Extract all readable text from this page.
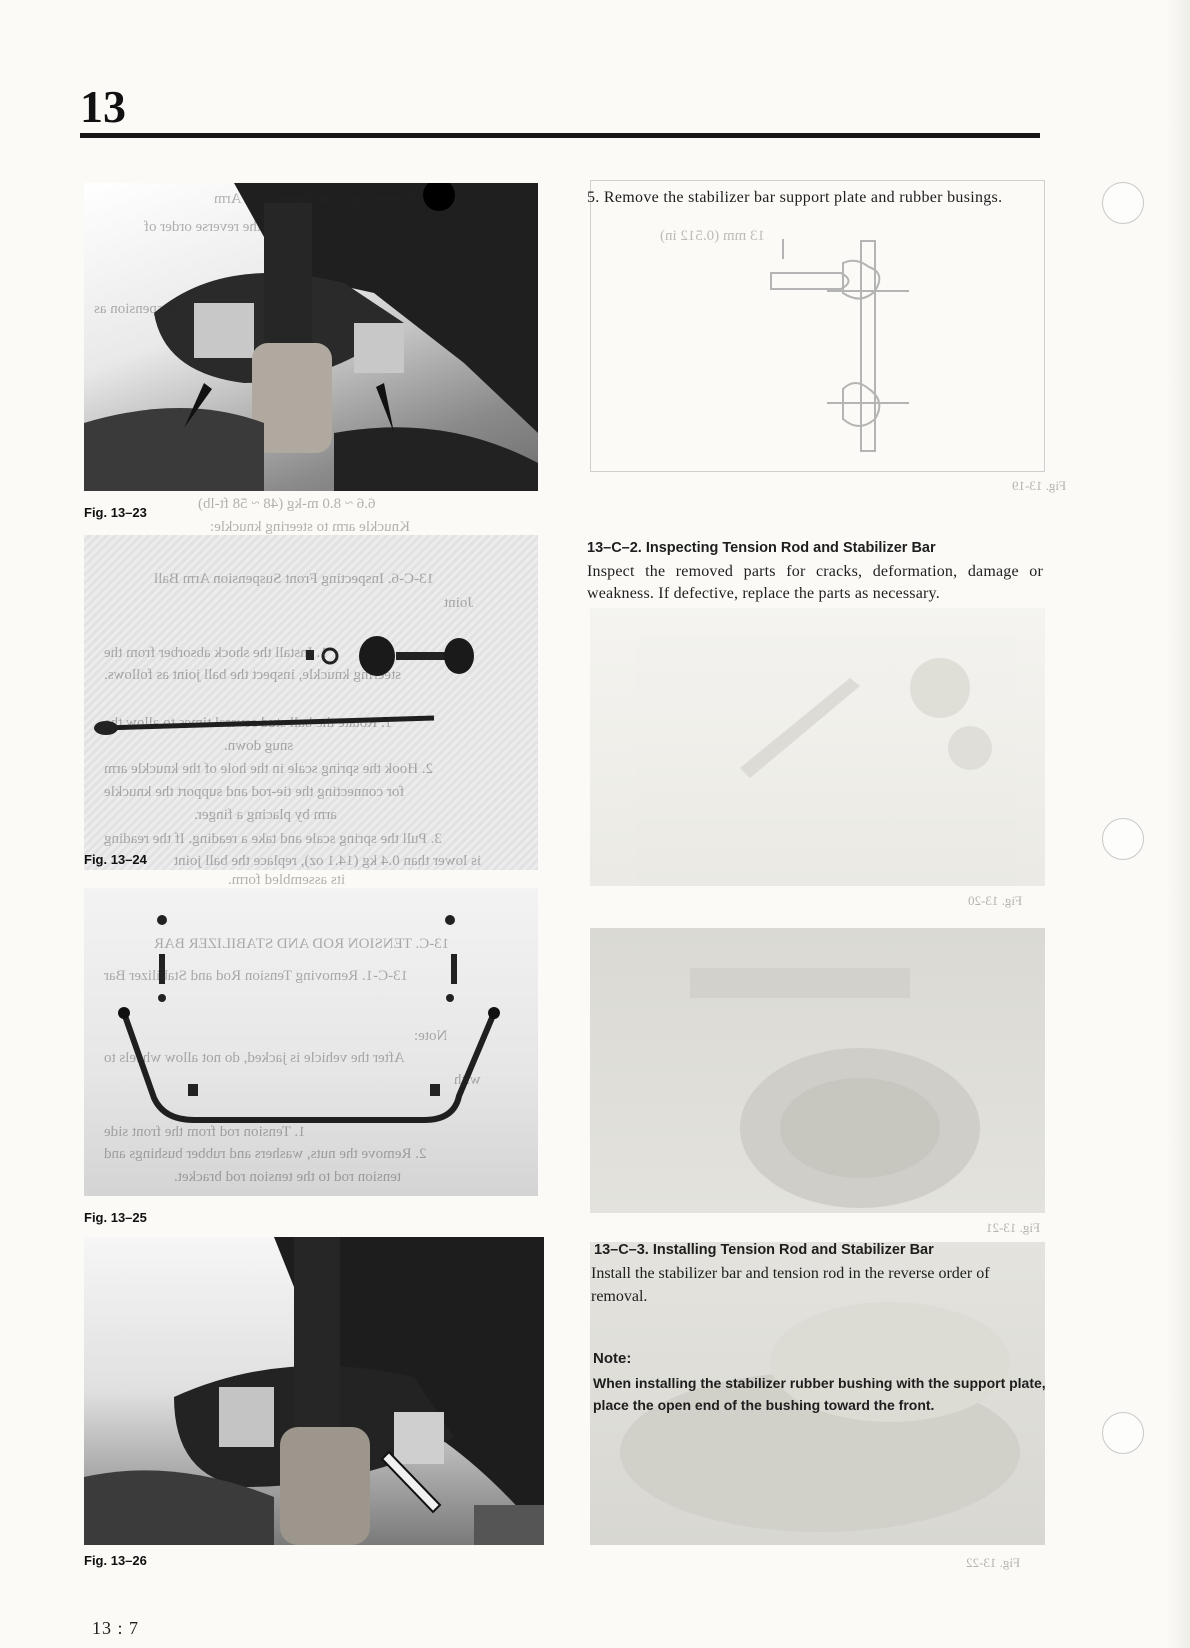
13
Removing Front Suspension Arm
in the reverse order of
Suspension as
Fig. 13–23
6.6 ~ 8.0 m-kg (48 ~ 58 ft-lb)
Knuckle arm to steering knuckle:
13-C-6. Inspecting Front Suspension Arm Ball
Joint
1. Install the shock absorber from the
steering knuckle, inspect the ball joint as follows.
1. Rotate the ball stud several times to allow the
snug down.
2. Hook the spring scale in the hole of the knuckle arm
for connecting the tie-rod and support the knuckle
arm by placing a finger.
3. Pull the spring scale and take a reading. If the reading
is lower than 0.4 kg (14.1 oz), replace the ball joint
Fig. 13–24
its assembled form.
13-C. TENSION ROD AND STABILIZER BAR
13-C-1. Removing Tension Rod and Stabilizer Bar
Note:
After the vehicle is jacked, do not allow wheels to
with
1. Tension rod from the front side
2. Remove the nuts, washers and rubber bushings and
tension rod to the tension rod bracket.
Fig. 13–25
Fig. 13–26
13 mm (0.512 in)
Fig. 13-19
5. Remove the stabilizer bar support plate and rubber busings.
13–C–2. Inspecting Tension Rod and Stabilizer Bar
Inspect the removed parts for cracks, deformation, damage or weakness. If defective, replace the parts as necessary.
Fig. 13-20
Fig. 13-21
Fig. 13-22
13–C–3. Installing Tension Rod and Stabilizer Bar
Install the stabilizer bar and tension rod in the reverse order of removal.
Note:
When installing the stabilizer rubber bushing with the support plate, place the open end of the bushing toward the front.
13 : 7
